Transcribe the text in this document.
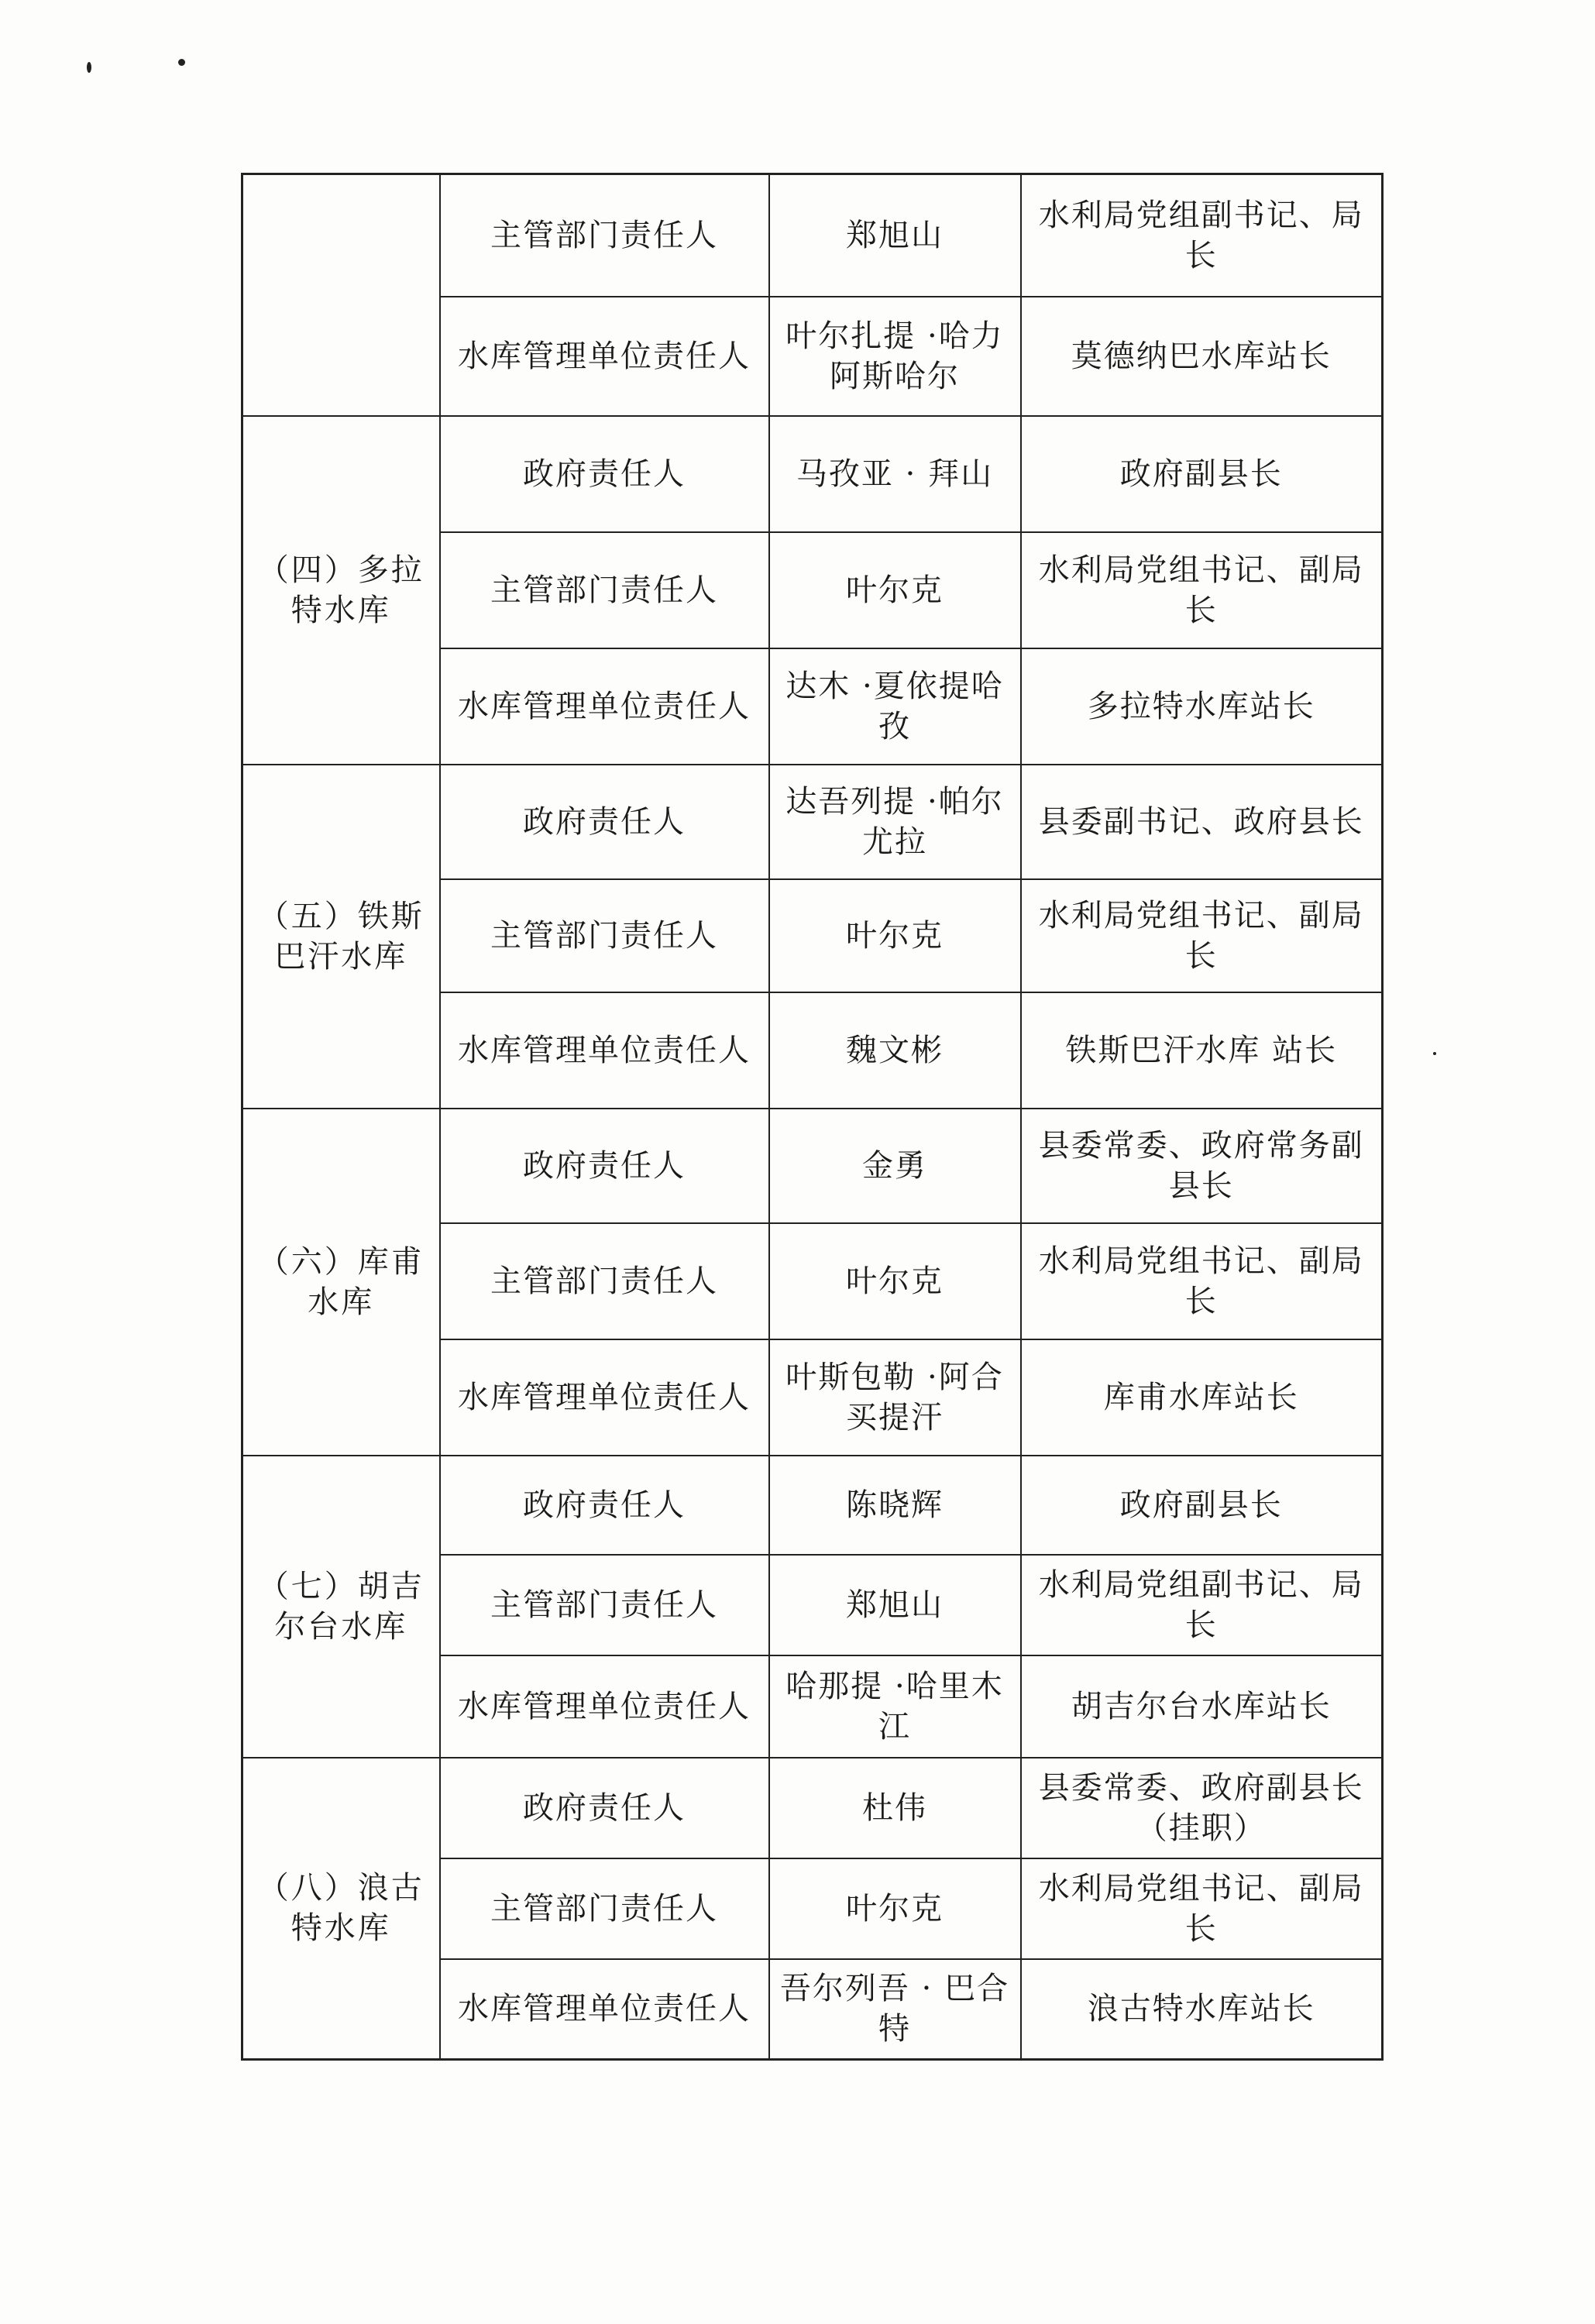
	主管部门责任人	郑旭山	水利局党组副书记、局长
	水库管理单位责任人	叶尔扎提 ·哈力阿斯哈尔	莫德纳巴水库站长
（四）多拉特水库	政府责任人	马孜亚 · 拜山	政府副县长
	主管部门责任人	叶尔克	水利局党组书记、副局长
	水库管理单位责任人	达木 ·夏依提哈孜	多拉特水库站长
（五）铁斯巴汗水库	政府责任人	达吾列提 ·帕尔尤拉	县委副书记、政府县长
	主管部门责任人	叶尔克	水利局党组书记、副局长
	水库管理单位责任人	魏文彬	铁斯巴汗水库 站长
（六）库甫水库	政府责任人	金勇	县委常委、政府常务副县长
	主管部门责任人	叶尔克	水利局党组书记、副局长
	水库管理单位责任人	叶斯包勒 ·阿合买提汗	库甫水库站长
（七）胡吉尔台水库	政府责任人	陈晓辉	政府副县长
	主管部门责任人	郑旭山	水利局党组副书记、局长
	水库管理单位责任人	哈那提 ·哈里木江	胡吉尔台水库站长
（八）浪古特水库	政府责任人	杜伟	县委常委、政府副县长（挂职）
	主管部门责任人	叶尔克	水利局党组书记、副局长
	水库管理单位责任人	吾尔列吾 · 巴合特	浪古特水库站长
